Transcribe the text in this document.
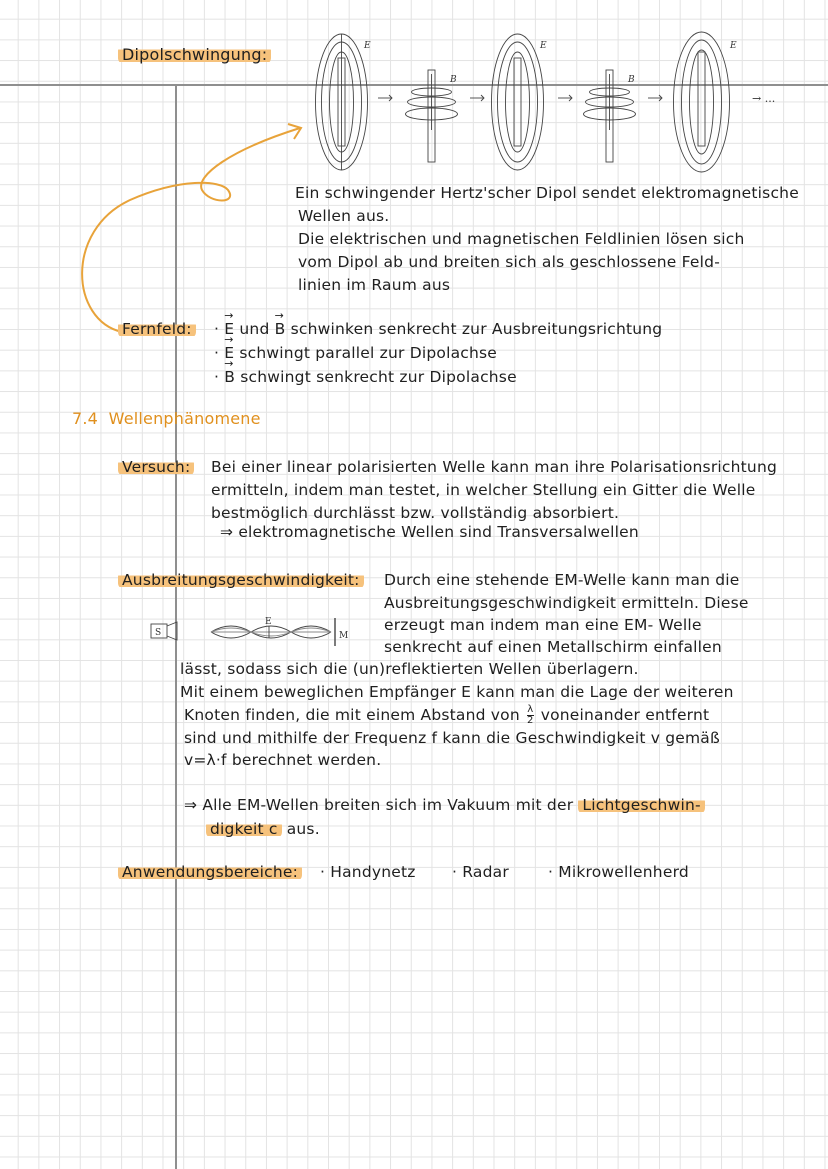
Dipolschwingung:	E
B
E
B
E
→ ...
Ein schwingender Hertz'scher Dipol sendet elektromagnetische
Wellen aus.
Die elektrischen und magnetischen Feldlinien lösen sich
vom Dipol ab und breiten sich als geschlossene Feld-
linien im Raum aus
Fernfeld: · → E und → B schwinken senkrecht zur Ausbreitungsrichtung
· → E schwingt parallel zur Dipolachse
· → B schwingt senkrecht zur Dipolachse
7.4 Wellenphänomene
Versuch: Bei einer linear polarisierten Welle kann man ihre Polarisationsrichtung
ermitteln, indem man testet, in welcher Stellung ein Gitter die Welle
bestmöglich durchlässt bzw. vollständig absorbiert.
⇒ elektromagnetische Wellen sind Transversalwellen
Ausbreitungsgeschwindigkeit: Durch eine stehende EM-Welle kann man die
Ausbreitungsgeschwindigkeit ermitteln. Diese
erzeugt man indem man eine EM- Welle
senkrecht auf einen Metallschirm einfallen
S
E
M
lässt, sodass sich die (un)reflektierten Wellen überlagern.
Mit einem beweglichen Empfänger E kann man die Lage der weiteren
Knoten finden, die mit einem Abstand von $\frac{\lambda}{2}$ voneinander entfernt
sind und mithilfe der Frequenz f kann die Geschwindigkeit v gemäß
v=λ·f berechnet werden.
⇒ Alle EM-Wellen breiten sich im Vakuum mit der Lichtgeschwin-
digkeit c aus.
Anwendungsbereiche: · Handynetz · Radar	· Mikrowellenherd
